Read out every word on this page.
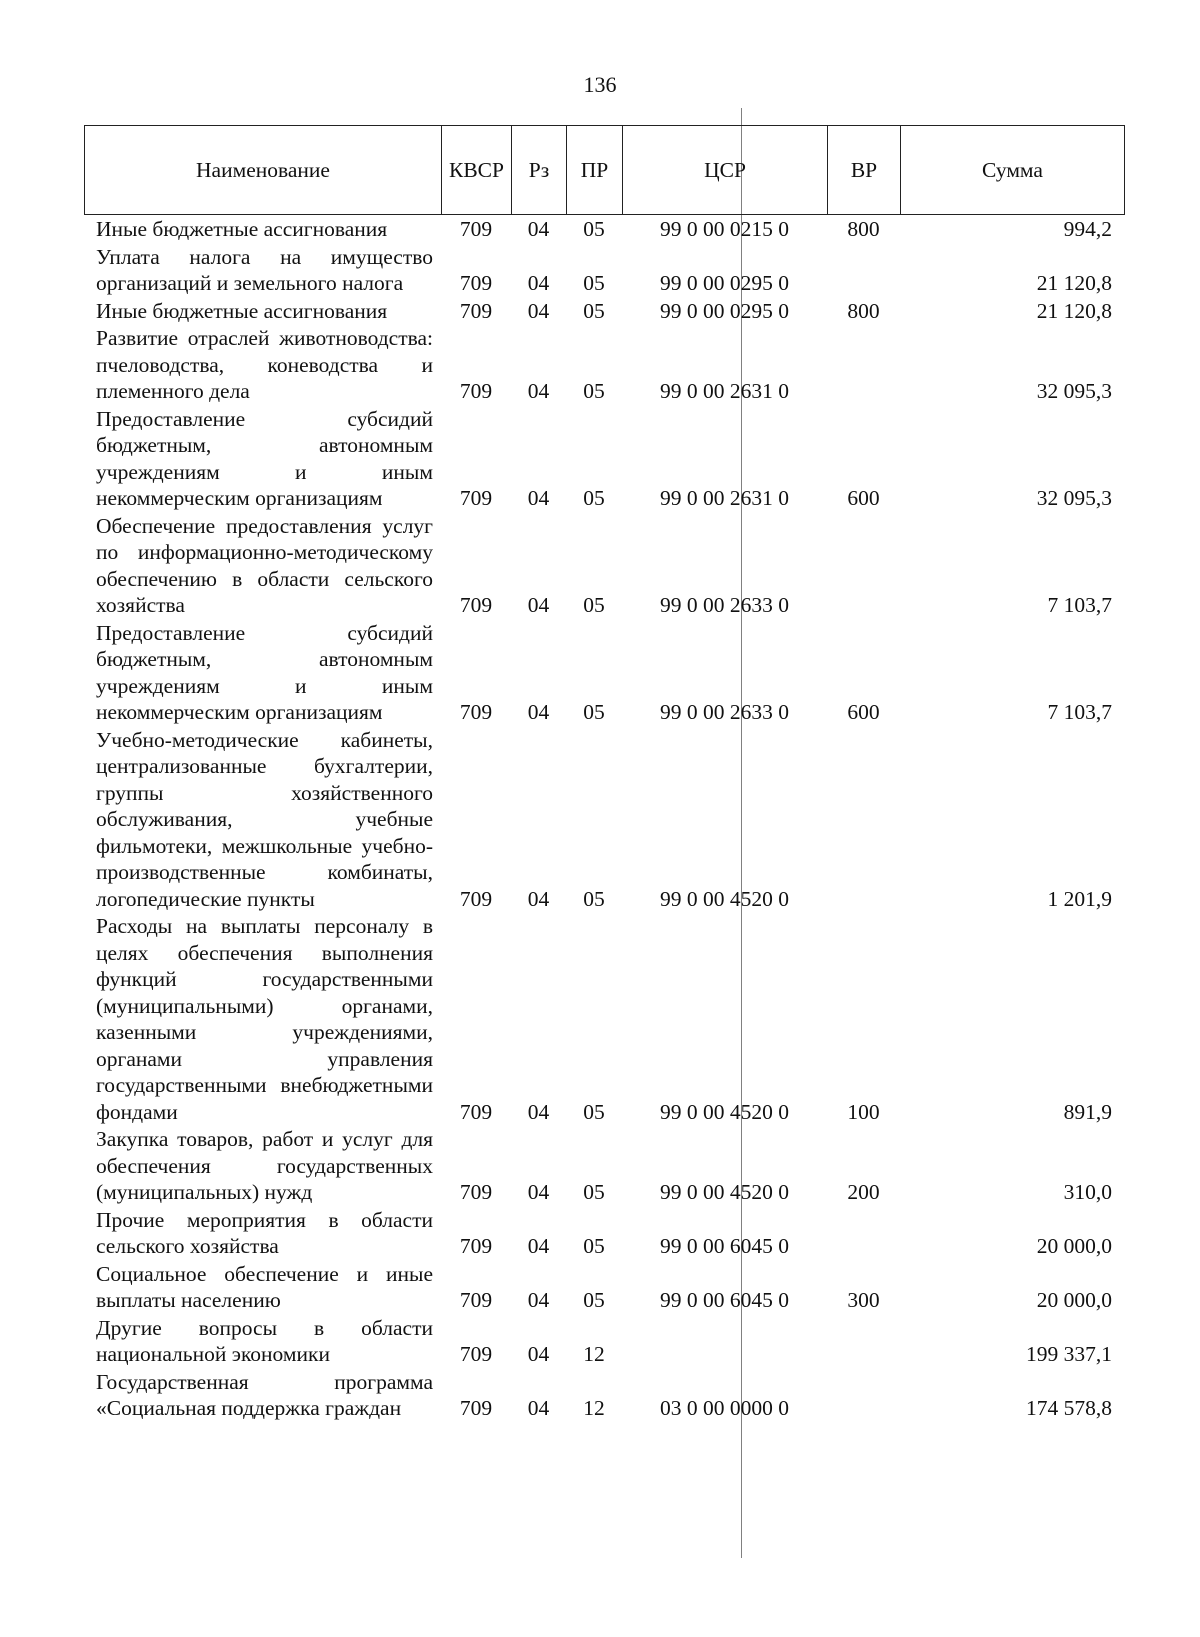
136
Наименование	КВСР	Рз	ПР	ЦСР	ВР	Сумма
Иные бюджетные ассигнования	709	04	05	99 0 00 0215 0	800	994,2
Уплата налога на имущество организаций и земельного налога	709	04	05	99 0 00 0295 0		21 120,8
Иные бюджетные ассигнования	709	04	05	99 0 00 0295 0	800	21 120,8
Развитие отраслей животноводства: пчеловодства, коневодства и племенного дела	709	04	05	99 0 00 2631 0		32 095,3
Предоставление субсидий бюджетным, автономным учреждениям и иным некоммерческим организациям	709	04	05	99 0 00 2631 0	600	32 095,3
Обеспечение предоставления услуг по информационно-методическому обеспечению в области сельского хозяйства	709	04	05	99 0 00 2633 0		7 103,7
Предоставление субсидий бюджетным, автономным учреждениям и иным некоммерческим организациям	709	04	05	99 0 00 2633 0	600	7 103,7
Учебно-методические кабинеты, централизованные бухгалтерии, группы хозяйственного обслуживания, учебные фильмотеки, межшкольные учебно-производственные комбинаты, логопедические пункты	709	04	05	99 0 00 4520 0		1 201,9
Расходы на выплаты персоналу в целях обеспечения выполнения функций государственными (муниципальными) органами, казенными учреждениями, органами управления государственными внебюджетными фондами	709	04	05	99 0 00 4520 0	100	891,9
Закупка товаров, работ и услуг для обеспечения государственных (муниципальных) нужд	709	04	05	99 0 00 4520 0	200	310,0
Прочие мероприятия в области сельского хозяйства	709	04	05	99 0 00 6045 0		20 000,0
Социальное обеспечение и иные выплаты населению	709	04	05	99 0 00 6045 0	300	20 000,0
Другие вопросы в области национальной экономики	709	04	12			199 337,1
Государственная программа «Социальная поддержка граждан	709	04	12	03 0 00 0000 0		174 578,8
